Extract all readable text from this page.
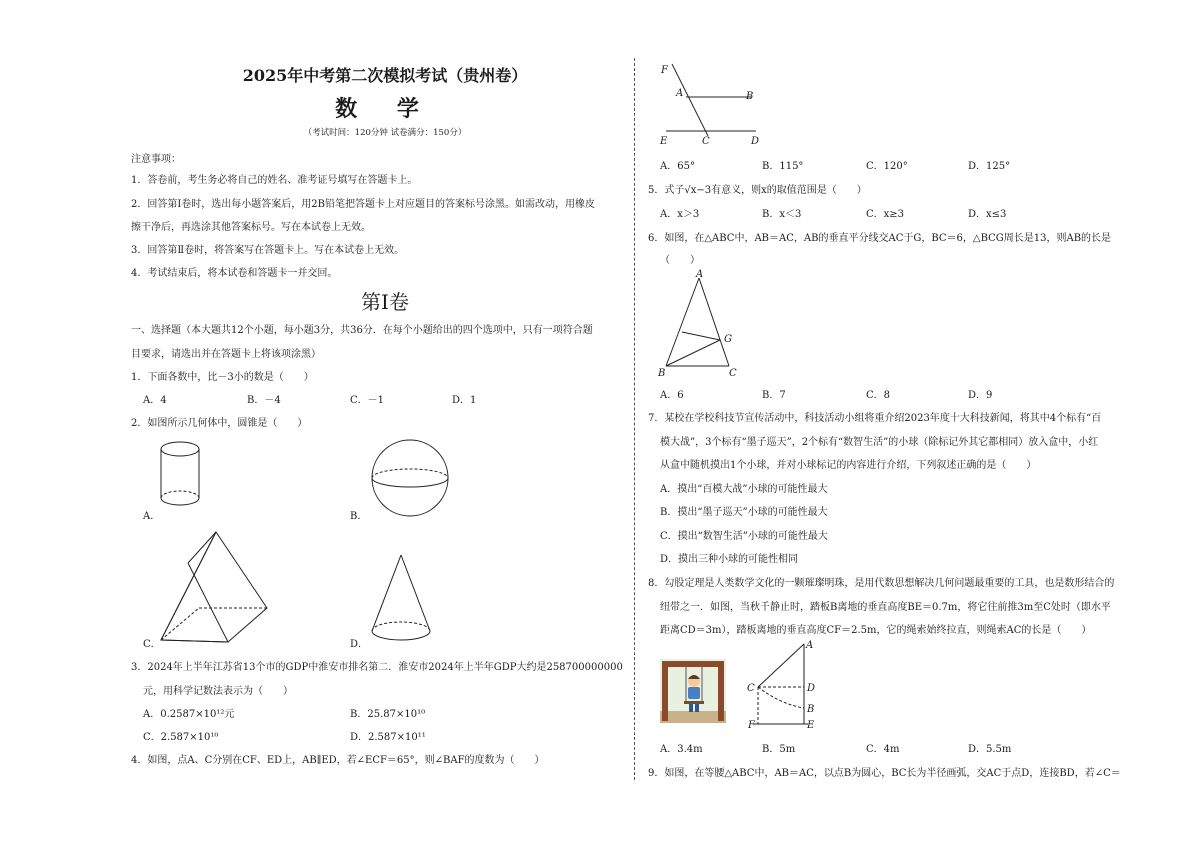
2025年中考第二次模拟考试（贵州卷）
数 学
（考试时间：120分钟 试卷满分：150分）
注意事项：
1．答卷前，考生务必将自己的姓名、准考证号填写在答题卡上。
2．回答第Ⅰ卷时，选出每小题答案后，用2B铅笔把答题卡上对应题目的答案标号涂黑。如需改动，用橡皮
擦干净后，再选涂其他答案标号。写在本试卷上无效。
3．回答第Ⅱ卷时，将答案写在答题卡上。写在本试卷上无效。
4．考试结束后，将本试卷和答题卡一并交回。
第Ⅰ卷
一、选择题（本大题共12个小题，每小题3分，共36分．在每个小题给出的四个选项中，只有一项符合题
目要求，请选出并在答题卡上将该项涂黑）
1．下面各数中，比－3小的数是（　　）
A．4	B．－4	C．－1	D．1
2．如图所示几何体中，圆锥是（　　）
A．	B．
C．	D．
3．2024年上半年江苏省13个市的GDP中淮安市排名第二．淮安市2024年上半年GDP大约是258700000000
元，用科学记数法表示为（　　）
A．0.2587×10¹²元	B．25.87×10¹⁰
C．2.587×10¹⁰	D．2.587×10¹¹
4．如图，点A、C分别在CF、ED上，AB∥ED，若∠ECF＝65°，则∠BAF的度数为（　　）
F
A	B
E	C	D
A．65°	B．115°	C．120°	D．125°
5．式子√x−3有意义，则x的取值范围是（　　）
A．x＞3	B．x＜3	C．x≥3	D．x≤3
6．如图，在△ABC中，AB＝AC，AB的垂直平分线交AC于G，BC＝6，△BCG周长是13，则AB的长是
（　　）
A
G
B	C
A．6	B．7	C．8	D．9
7．某校在学校科技节宣传活动中，科技活动小组将重介绍2023年度十大科技新闻，将其中4个标有“百
模大战”，3个标有“墨子巡天”，2个标有“数智生活”的小球（除标记外其它都相同）放入盒中，小红
从盒中随机摸出1个小球，并对小球标记的内容进行介绍，下列叙述正确的是（　　）
A．摸出“百模大战”小球的可能性最大
B．摸出“墨子巡天”小球的可能性最大
C．摸出“数智生活”小球的可能性最大
D．摸出三种小球的可能性相同
8．勾股定理是人类数学文化的一颗璀璨明珠，是用代数思想解决几何问题最重要的工具，也是数形结合的
纽带之一．如图，当秋千静止时，踏板B离地的垂直高度BE＝0.7m，将它往前推3m至C处时（即水平
距离CD＝3m），踏板离地的垂直高度CF＝2.5m，它的绳索始终拉直，则绳索AC的长是（　　）
A
C	D
B
F	E
A．3.4m	B．5m	C．4m	D．5.5m
9．如图，在等腰△ABC中，AB＝AC，以点B为圆心，BC长为半径画弧，交AC于点D，连接BD，若∠C＝
